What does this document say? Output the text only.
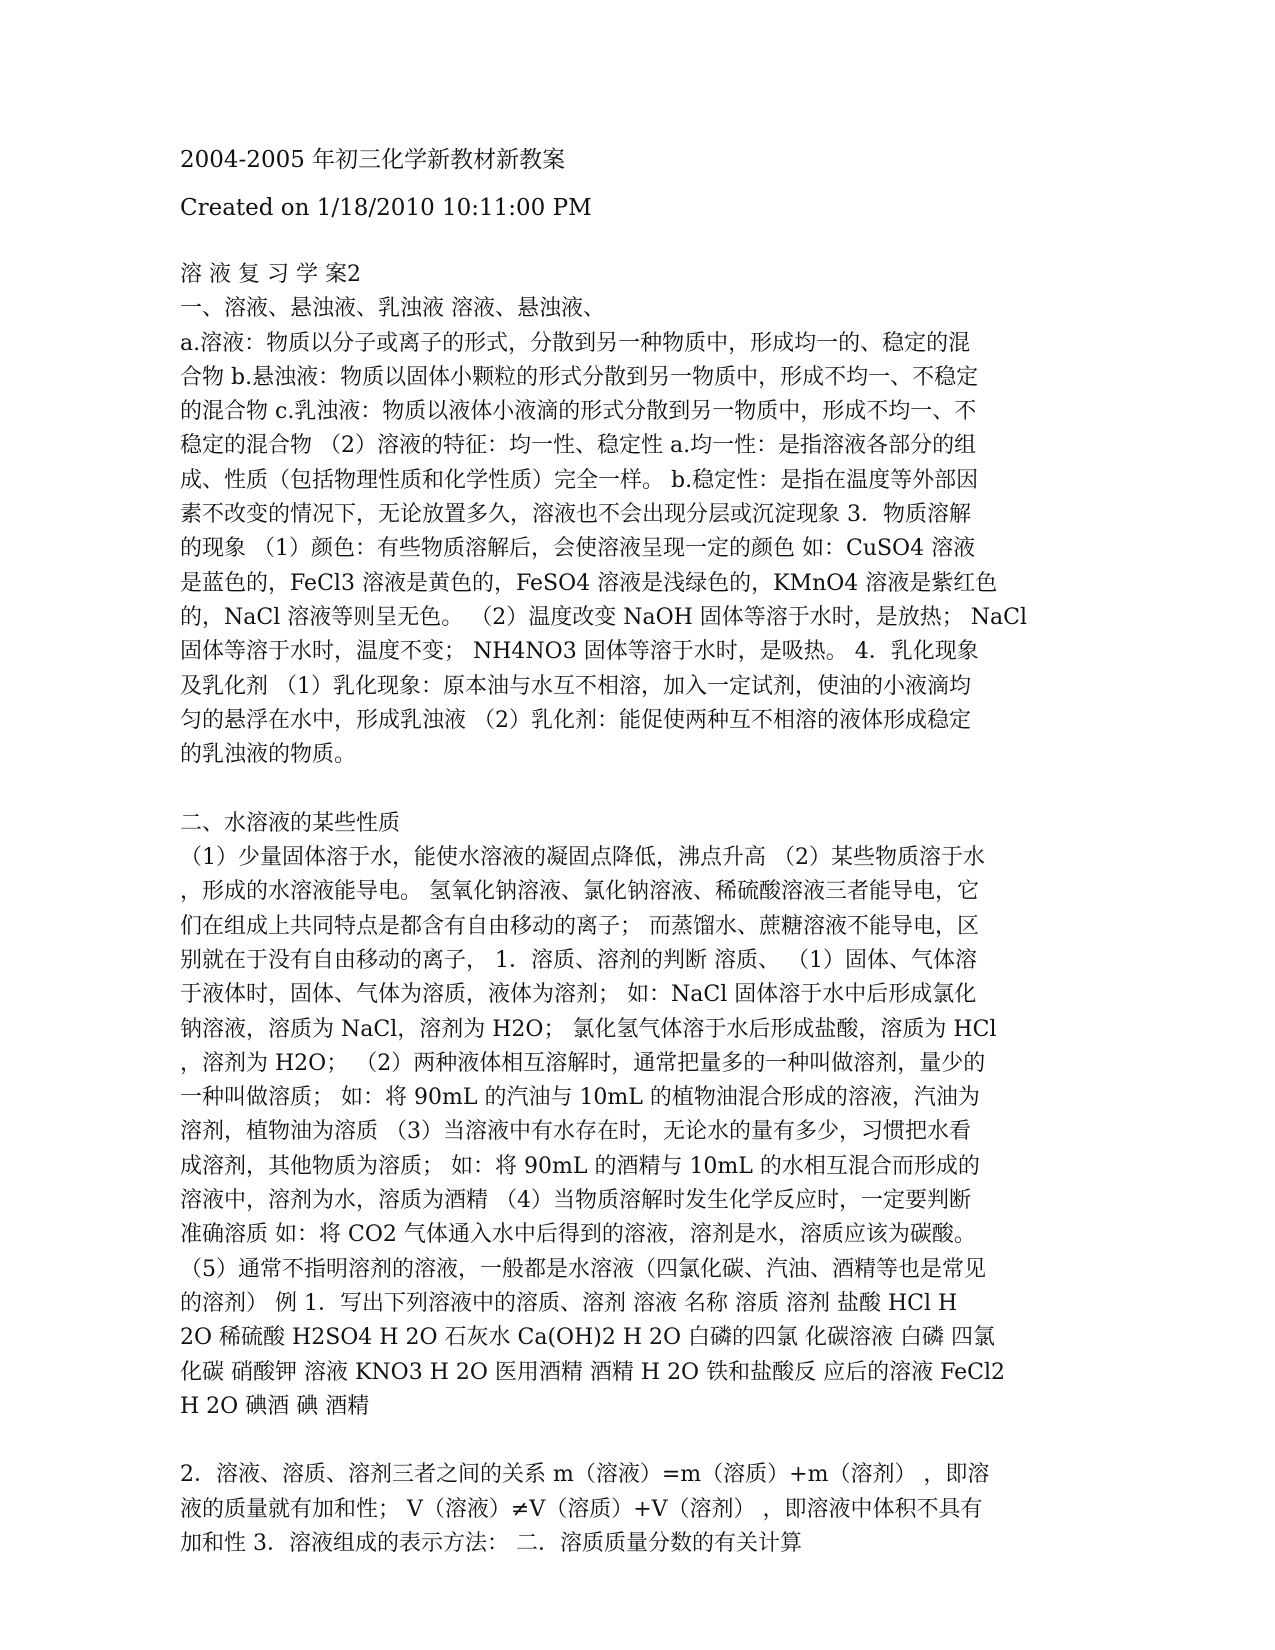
2004-2005 年初三化学新教材新教案

Created on 1/18/2010 10:11:00 PM

溶 液 复 习 学 案2
一、溶液、悬浊液、乳浊液 溶液、悬浊液、
a.溶液：物质以分子或离子的形式，分散到另一种物质中，形成均一的、稳定的混
合物 b.悬浊液：物质以固体小颗粒的形式分散到另一物质中，形成不均一、不稳定
的混合物 c.乳浊液：物质以液体小液滴的形式分散到另一物质中，形成不均一、不
稳定的混合物 （2）溶液的特征：均一性、稳定性 a.均一性：是指溶液各部分的组
成、性质（包括物理性质和化学性质）完全一样。 b.稳定性：是指在温度等外部因
素不改变的情况下，无论放置多久，溶液也不会出现分层或沉淀现象 3．物质溶解
的现象 （1）颜色：有些物质溶解后，会使溶液呈现一定的颜色 如：CuSO4 溶液
是蓝色的，FeCl3 溶液是黄色的，FeSO4 溶液是浅绿色的，KMnO4 溶液是紫红色
的，NaCl 溶液等则呈无色。 （2）温度改变 NaOH 固体等溶于水时，是放热； NaCl
固体等溶于水时，温度不变； NH4NO3 固体等溶于水时，是吸热。 4．乳化现象
及乳化剂 （1）乳化现象：原本油与水互不相溶，加入一定试剂，使油的小液滴均
匀的悬浮在水中，形成乳浊液 （2）乳化剂：能促使两种互不相溶的液体形成稳定
的乳浊液的物质。
二、水溶液的某些性质
（1）少量固体溶于水，能使水溶液的凝固点降低，沸点升高 （2）某些物质溶于水
，形成的水溶液能导电。 氢氧化钠溶液、氯化钠溶液、稀硫酸溶液三者能导电，它
们在组成上共同特点是都含有自由移动的离子； 而蒸馏水、蔗糖溶液不能导电，区
别就在于没有自由移动的离子， 1．溶质、溶剂的判断 溶质、 （1）固体、气体溶
于液体时，固体、气体为溶质，液体为溶剂； 如：NaCl 固体溶于水中后形成氯化
钠溶液，溶质为 NaCl，溶剂为 H2O； 氯化氢气体溶于水后形成盐酸，溶质为 HCl
，溶剂为 H2O； （2）两种液体相互溶解时，通常把量多的一种叫做溶剂，量少的
一种叫做溶质； 如：将 90mL 的汽油与 10mL 的植物油混合形成的溶液，汽油为
溶剂，植物油为溶质 （3）当溶液中有水存在时，无论水的量有多少，习惯把水看
成溶剂，其他物质为溶质； 如：将 90mL 的酒精与 10mL 的水相互混合而形成的
溶液中，溶剂为水，溶质为酒精 （4）当物质溶解时发生化学反应时，一定要判断
准确溶质 如：将 CO2 气体通入水中后得到的溶液，溶剂是水，溶质应该为碳酸。
（5）通常不指明溶剂的溶液，一般都是水溶液（四氯化碳、汽油、酒精等也是常见
的溶剂） 例 1．写出下列溶液中的溶质、溶剂 溶液 名称 溶质 溶剂 盐酸 HCl H
2O 稀硫酸 H2SO4 H 2O 石灰水 Ca(OH)2 H 2O 白磷的四氯 化碳溶液 白磷 四氯
化碳 硝酸钾 溶液 KNO3 H 2O 医用酒精 酒精 H 2O 铁和盐酸反 应后的溶液 FeCl2
H 2O 碘酒 碘 酒精
2．溶液、溶质、溶剂三者之间的关系 m（溶液）=m（溶质）+m（溶剂） ，即溶
液的质量就有加和性； V（溶液）≠V（溶质）+V（溶剂） ，即溶液中体积不具有
加和性 3．溶液组成的表示方法： 二．溶质质量分数的有关计算
